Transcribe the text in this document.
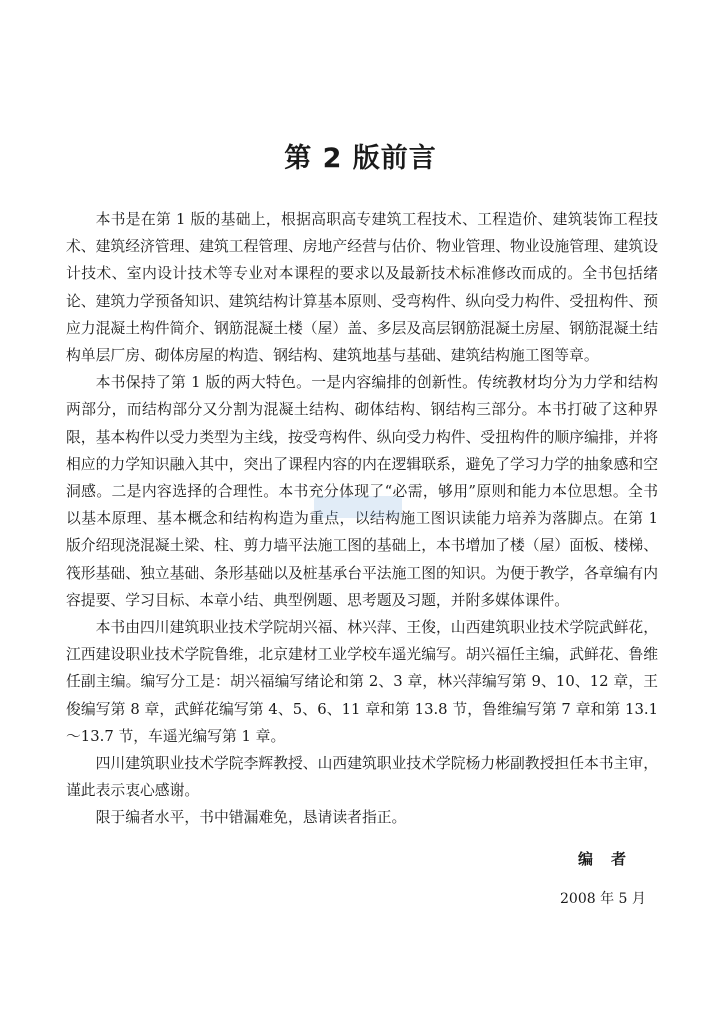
第 2 版前言

本书是在第 1 版的基础上，根据高职高专建筑工程技术、工程造价、建筑装饰工程技术、建筑经济管理、建筑工程管理、房地产经营与估价、物业管理、物业设施管理、建筑设计技术、室内设计技术等专业对本课程的要求以及最新技术标准修改而成的。全书包括绪论、建筑力学预备知识、建筑结构计算基本原则、受弯构件、纵向受力构件、受扭构件、预应力混凝土构件简介、钢筋混凝土楼（屋）盖、多层及高层钢筋混凝土房屋、钢筋混凝土结构单层厂房、砌体房屋的构造、钢结构、建筑地基与基础、建筑结构施工图等章。

本书保持了第 1 版的两大特色。一是内容编排的创新性。传统教材均分为力学和结构两部分，而结构部分又分割为混凝土结构、砌体结构、钢结构三部分。本书打破了这种界限，基本构件以受力类型为主线，按受弯构件、纵向受力构件、受扭构件的顺序编排，并将相应的力学知识融入其中，突出了课程内容的内在逻辑联系，避免了学习力学的抽象感和空洞感。二是内容选择的合理性。本书充分体现了“必需，够用”原则和能力本位思想。全书以基本原理、基本概念和结构构造为重点，以结构施工图识读能力培养为落脚点。在第 1 版介绍现浇混凝土梁、柱、剪力墙平法施工图的基础上，本书增加了楼（屋）面板、楼梯、筏形基础、独立基础、条形基础以及桩基承台平法施工图的知识。为便于教学，各章编有内容提要、学习目标、本章小结、典型例题、思考题及习题，并附多媒体课件。

本书由四川建筑职业技术学院胡兴福、林兴萍、王俊，山西建筑职业技术学院武鲜花，江西建设职业技术学院鲁维，北京建材工业学校车遥光编写。胡兴福任主编，武鲜花、鲁维任副主编。编写分工是：胡兴福编写绪论和第 2、3 章，林兴萍编写第 9、10、12 章，王俊编写第 8 章，武鲜花编写第 4、5、6、11 章和第 13.8 节，鲁维编写第 7 章和第 13.1～13.7 节，车遥光编写第 1 章。

四川建筑职业技术学院李辉教授、山西建筑职业技术学院杨力彬副教授担任本书主审，谨此表示衷心感谢。

限于编者水平，书中错漏难免，恳请读者指正。

编者
2008 年 5 月
